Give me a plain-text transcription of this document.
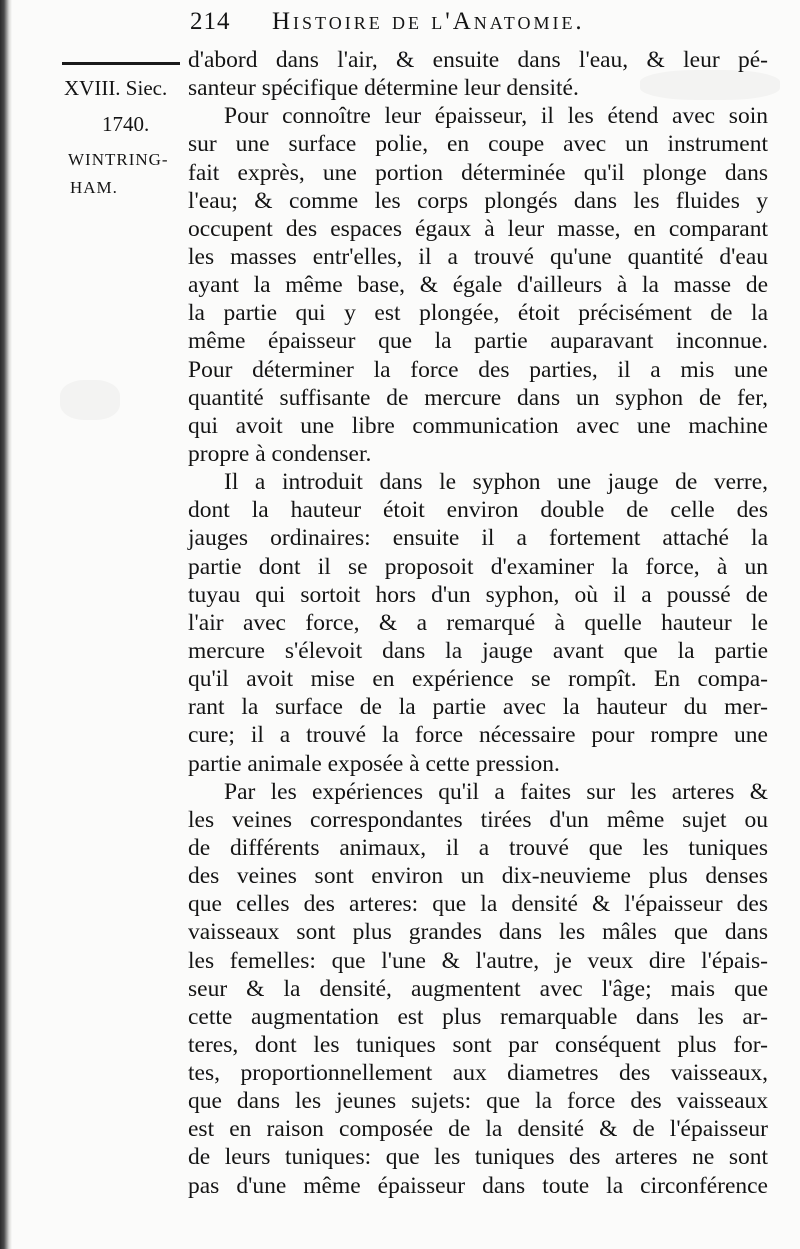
214 Histoire de l'Anatomie.
XVIII. Siec.
1740.
WINTRING-
HAM.
d'abord dans l'air, & ensuite dans l'eau, & leur pé-
santeur spécifique détermine leur densité.
Pour connoître leur épaisseur, il les étend avec soin
sur une surface polie, en coupe avec un instrument
fait exprès, une portion déterminée qu'il plonge dans
l'eau; & comme les corps plongés dans les fluides y
occupent des espaces égaux à leur masse, en comparant
les masses entr'elles, il a trouvé qu'une quantité d'eau
ayant la même base, & égale d'ailleurs à la masse de
la partie qui y est plongée, étoit précisément de la
même épaisseur que la partie auparavant inconnue.
Pour déterminer la force des parties, il a mis une
quantité suffisante de mercure dans un syphon de fer,
qui avoit une libre communication avec une machine
propre à condenser.
Il a introduit dans le syphon une jauge de verre,
dont la hauteur étoit environ double de celle des
jauges ordinaires: ensuite il a fortement attaché la
partie dont il se proposoit d'examiner la force, à un
tuyau qui sortoit hors d'un syphon, où il a poussé de
l'air avec force, & a remarqué à quelle hauteur le
mercure s'élevoit dans la jauge avant que la partie
qu'il avoit mise en expérience se rompît. En compa-
rant la surface de la partie avec la hauteur du mer-
cure; il a trouvé la force nécessaire pour rompre une
partie animale exposée à cette pression.
Par les expériences qu'il a faites sur les arteres &
les veines correspondantes tirées d'un même sujet ou
de différents animaux, il a trouvé que les tuniques
des veines sont environ un dix-neuvieme plus denses
que celles des arteres: que la densité & l'épaisseur des
vaisseaux sont plus grandes dans les mâles que dans
les femelles: que l'une & l'autre, je veux dire l'épais-
seur & la densité, augmentent avec l'âge; mais que
cette augmentation est plus remarquable dans les ar-
teres, dont les tuniques sont par conséquent plus for-
tes, proportionnellement aux diametres des vaisseaux,
que dans les jeunes sujets: que la force des vaisseaux
est en raison composée de la densité & de l'épaisseur
de leurs tuniques: que les tuniques des arteres ne sont
pas d'une même épaisseur dans toute la circonférence
